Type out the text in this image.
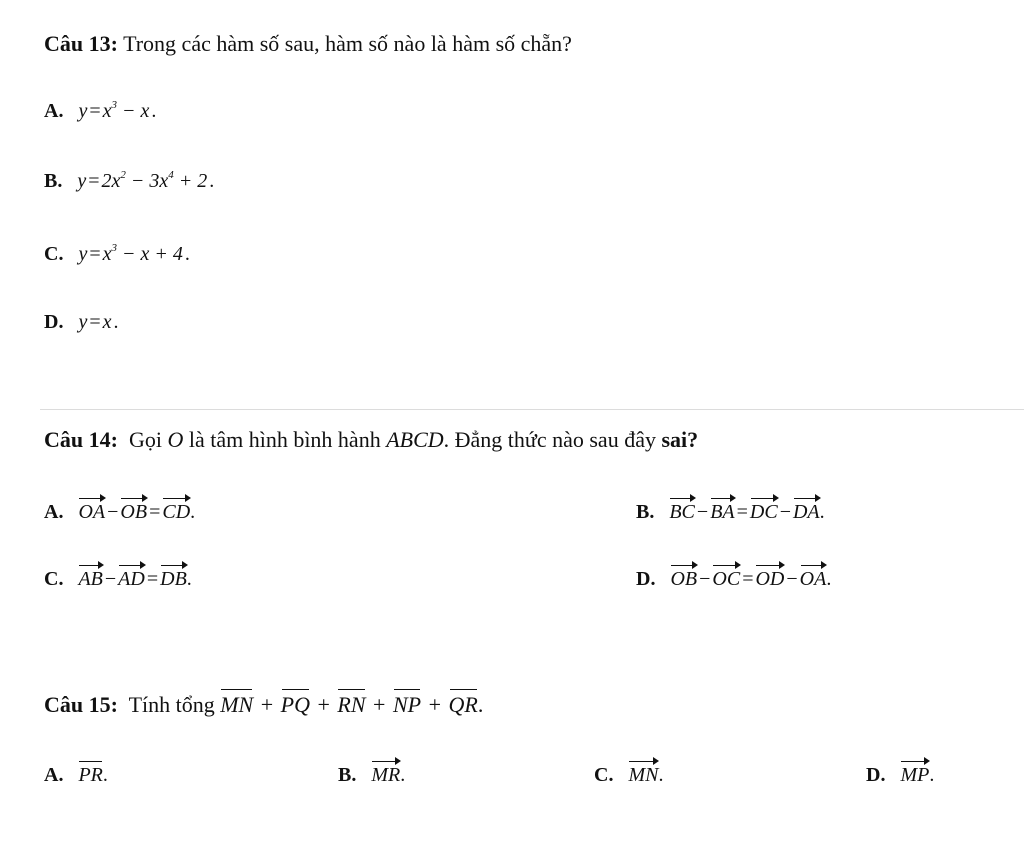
Câu 13: Trong các hàm số sau, hàm số nào là hàm số chẵn?
A. $y = x^3 - x$ .
B. $y = 2x^2 - 3x^4 + 2$ .
C. $y = x^3 - x + 4$ .
D. y = x .
Câu 14: Gọi O là tâm hình bình hành ABCD. Đẳng thức nào sau đây sai?
A. OA − OB = CD.	B. BC − BA = DC − DA.
C. AB − AD = DB.	D. OB − OC = OD − OA.
Câu 15: Tính tổng MN + PQ + RN + NP + QR.
A. PR.	B. MR.	C. MN.	D. MP.
